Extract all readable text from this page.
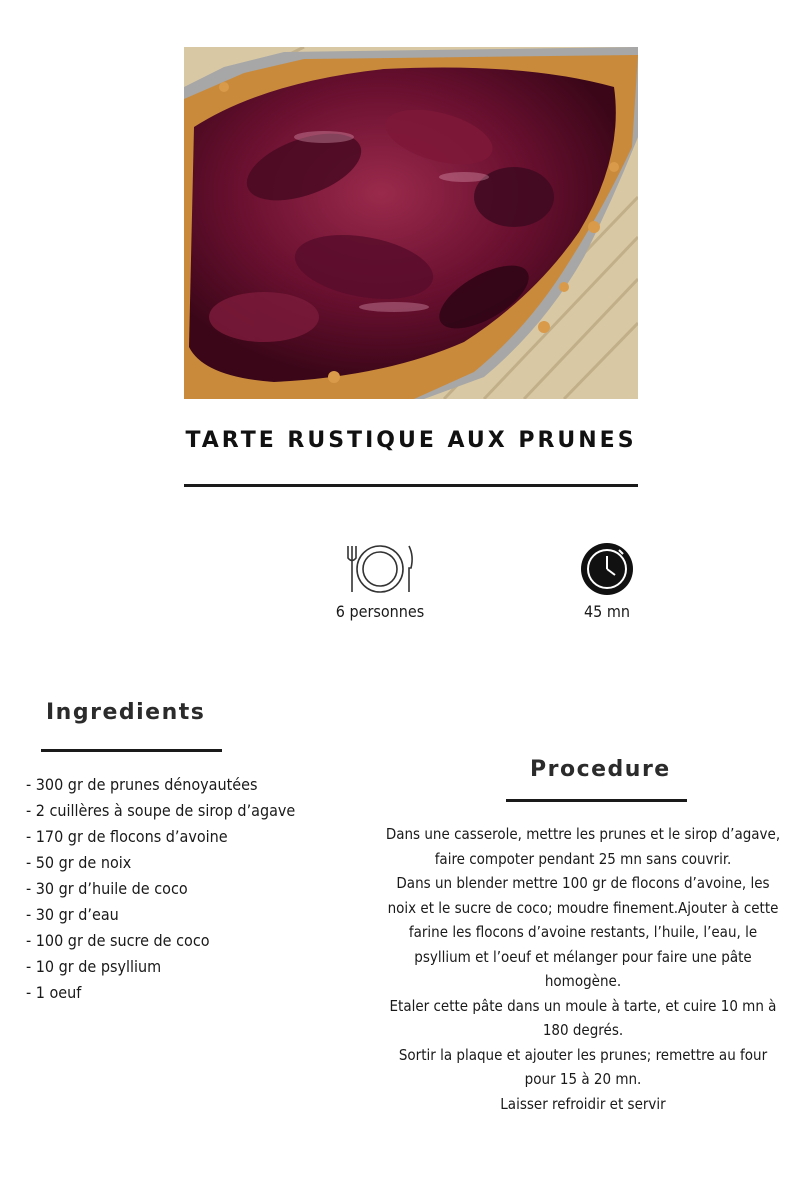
TARTE RUSTIQUE AUX PRUNES
6 personnes	45 mn
Ingredients
- 300 gr de prunes dénoyautées
- 2 cuillères à soupe de sirop d’agave
- 170 gr de flocons d’avoine
- 50 gr de noix
- 30 gr d’huile de coco
- 30 gr d’eau
- 100 gr de sucre de coco
- 10 gr de psyllium
- 1 oeuf
Procedure

Dans une casserole, mettre les prunes et le sirop d’agave, faire compoter pendant 25 mn sans couvrir.

Dans un blender mettre 100 gr de flocons d’avoine, les noix et le sucre de coco; moudre finement.Ajouter à cette farine les flocons d’avoine restants, l’huile, l’eau, le psyllium et l’oeuf et mélanger pour faire une pâte homogène.

Etaler cette pâte dans un moule à tarte, et cuire 10 mn à 180 degrés.

Sortir la plaque et ajouter les prunes; remettre au four pour 15 à 20 mn.

Laisser refroidir et servir
